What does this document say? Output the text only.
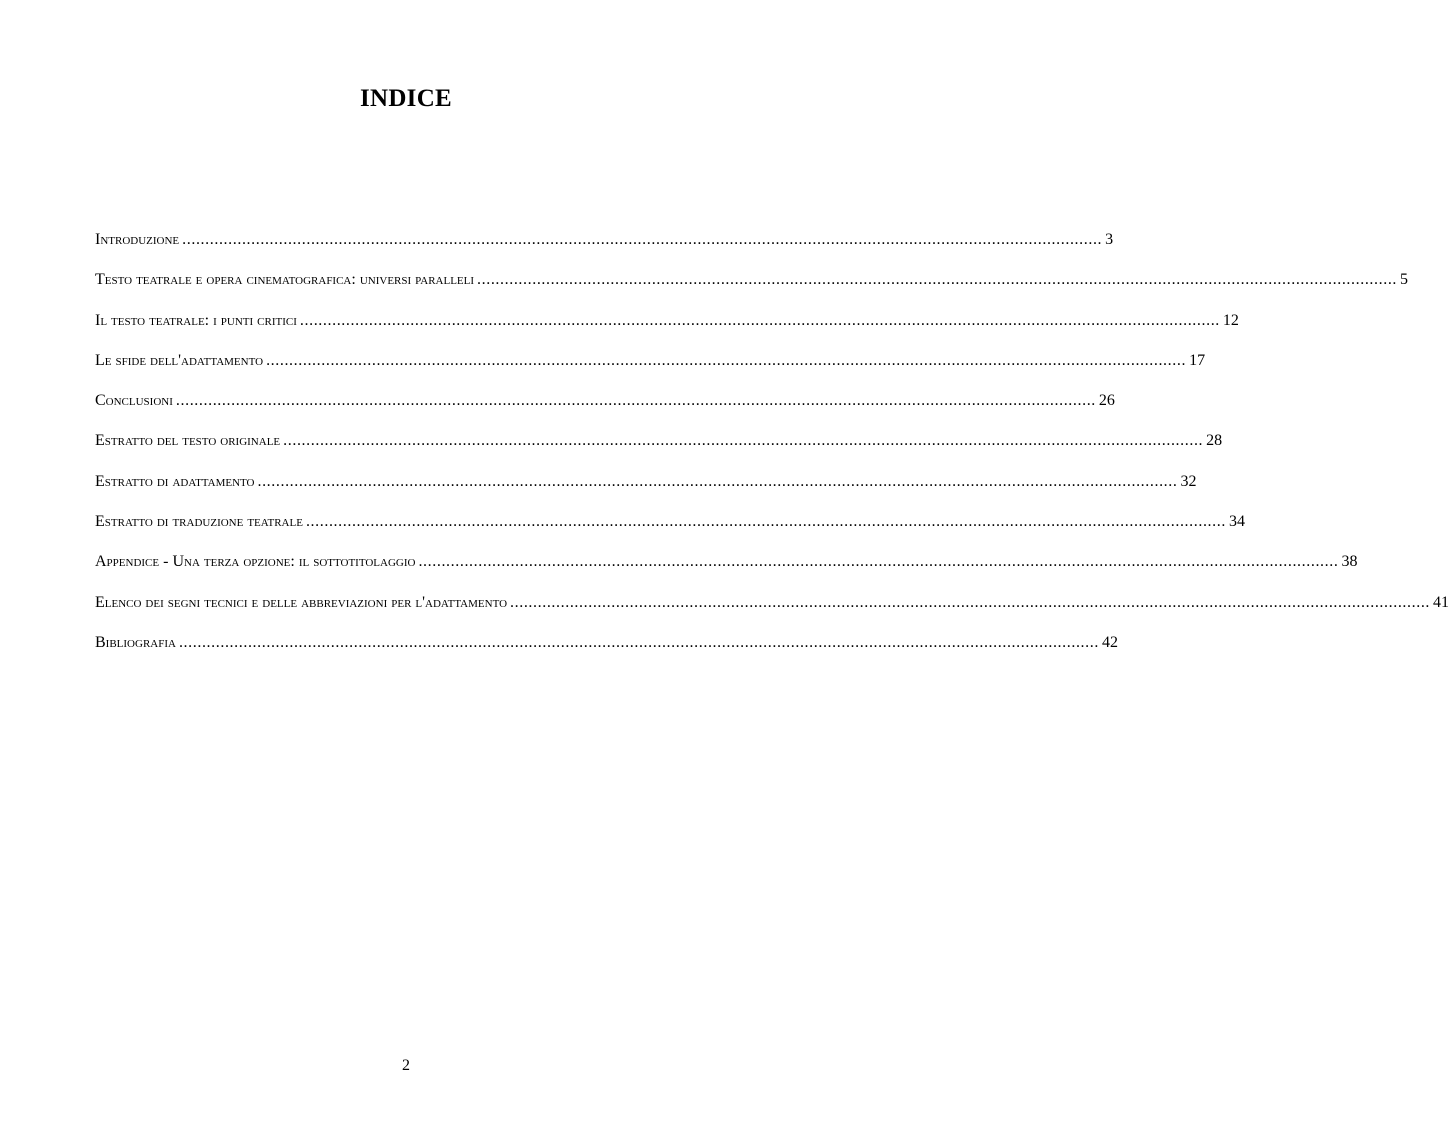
INDICE
Introduzione ........................................................................................................................................................................................................ 3
Testo teatrale e opera cinematografica: universi paralleli ........................................................................................................................................................................................................ 5
Il testo teatrale: i punti critici ........................................................................................................................................................................................................ 12
Le sfide dell'adattamento ........................................................................................................................................................................................................ 17
Conclusioni ........................................................................................................................................................................................................ 26
Estratto del testo originale ........................................................................................................................................................................................................ 28
Estratto di adattamento ........................................................................................................................................................................................................ 32
Estratto di traduzione teatrale ........................................................................................................................................................................................................ 34
Appendice - Una terza opzione: il sottotitolaggio ........................................................................................................................................................................................................ 38
Elenco dei segni tecnici e delle abbreviazioni per l'adattamento ........................................................................................................................................................................................................ 41
Bibliografia ........................................................................................................................................................................................................ 42
2
